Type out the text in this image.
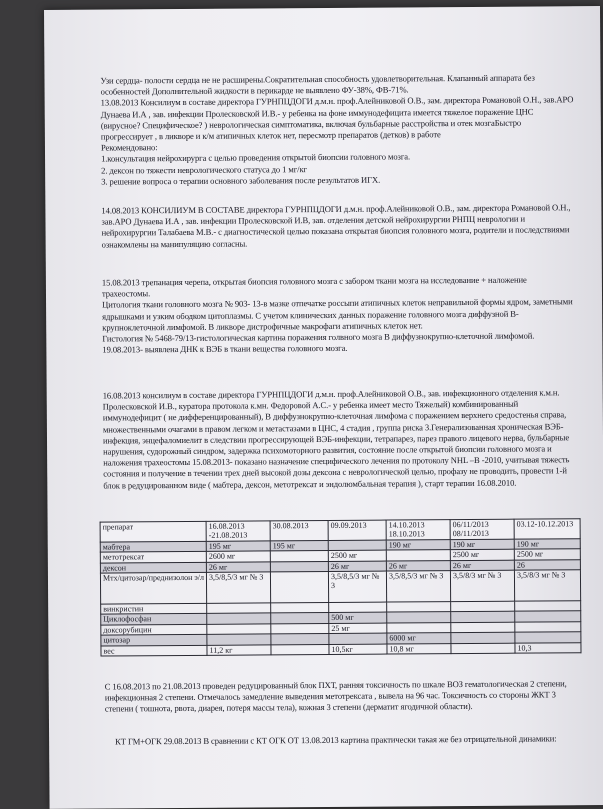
Узи сердца- полости сердца не не расширены.Сократительная способность удовлетворительная. Клапанный аппарата без особенностей Дополнительной жидкости в перикарде не выявлено ФУ-38%, ФВ-71%.
13.08.2013 Консилиум в составе директора ГУРНПЦДОГИ д.м.н. проф.Алейниковой О.В., зам. директора Романовой О.Н., зав.АРО Дунаева И.А , зав. инфекции Пролесковской И.В.- у ребенка на фоне иммунодефицита имеется тяжелое поражение ЦНС (вирусное? Специфическое? ) неврологическая симптоматика, включая бульбарные расстройства и отек мозгаБыстро прогрессирует , в ликворе и к/м атипичных клеток нет, пересмотр препаратов (детков) в работе
Рекомендовано:
1.консультация нейрохирурга с целью проведения открытой биопсии головного мозга.
2. дексон по тяжести неврологического статуса до 1 мг/кг
3. решение вопроса о терапии основного заболевания после результатов ИГХ.

14.08.2013 КОНСИЛИУМ В СОСТАВЕ директора ГУРНПЦДОГИ д.м.н. проф.Алейниковой О.В., зам. директора Романовой О.Н., зав.АРО Дунаева И.А , зав. инфекции Пролесковской И.В, зав. отделения детской нейрохирургии РНПЦ неврологии и нейрохирургии Талабаева М.В.- с диагностической целью показана открытая биопсия головного мозга, родители и последствиями ознакомлены на манипуляцию согласны.

15.08.2013 трепанация черепа, открытая биопсия головного мозга с забором ткани мозга на исследование + наложение трахеостомы.
Цитология ткани головного мозга № 903- 13-в мазке отпечатке россыпи атипичных клеток неправильной формы ядром, заметными ядрышками и узким ободком цитоплазмы. С учетом клинических данных поражение головного мозга диффузной В-крупноклеточной лимфомой. В ликворе дистрофичные макрофаги атипичных клеток нет.
Гистология № 5468-79/13-гистологическая картина поражения голвного мозга В диффузнокрупно-клеточной лимфомой.
19.08.2013- выявлена ДНК к ВЭБ в ткани вещества головного мозга.

16.08.2013 консилиум в составе директора ГУРНПЦДОГИ д.м.н. проф.Алейниковой О.В., зав. инфекционного отделения к.м.н. Пролесковской И.В., куратора протокола к.мн. Федоровой А.С.- у ребенка имеет место Тяжелый) комбинированный иммунодефицит ( не дифференцированный), В диффузнокрупно-клеточная лимфома с поражением верхнего средостенья справа, множественными очагами в правом легком и метастазами в ЦНС, 4 стадия , группа риска 3.Генерализованная хроническая ВЭБ-инфекция, энцефаломиелит в следствии прогрессирующей ВЭБ-инфекции, тетрапарез, парез правого лицевого нерва, бульбарные нарушения, судорожный синдром, задержка психомоторного развития, состояние после открытой биопсии головного мозга и наложения трахеостомы 15.08.2013- показано назначение специфического лечения по протоколу NHL –B -2010, учитывая тяжесть состояния и получение в течении трех дней высокой дозы дексона с неврологической целью, профазу не проводить, провести 1-й блок в редуцированном виде ( мабтера, дексон, метотрексат и эндолюмбальная терапия ), старт терапии 16.08.2010.

препарат	16.08.2013 -21.08.2013	30.08.2013	09.09.2013	14.10.2013 18.10.2013	06/11/2013 08/11/2013	03.12-10.12.2013
мабтера	195 мг	195 мг		190 мг	190 мг	190 мг
метотрексат	2600 мг		2500 мг		2500 мг	2500 мг
дексон	26 мг		26 мг	26 мг	26 мг	26
Мтх/цитозар/преднизолон э/л	3,5/8,5/3 мг № 3		3,5/8,5/3 мг № 3	3,5/8,5/3 мг № 3	3,5/8/3 мг № 3	3,5/8/3 мг № 3
винкристин						
Циклофосфан			500 мг			
доксорубицин			25 мг			
цитозар				6000 мг		
вес	11,2 кг		10,5кг	10,8 мг		10,3

С 16.08.2013 по 21.08.2013 проведен редуцированный блок ПХТ, ранняя токсичность по шкале ВОЗ гематологическая 2 степени, инфекционная 2 степени. Отмечалось замедление выведения метотрексата , вывела на 96 час. Токсичность со стороны ЖКТ 3 степени ( тошнота, рвота, диарея, потеря массы тела), кожная 3 степени (дерматит ягодичной области).

КТ ГМ+ОГК 29.08.2013 В сравнении с КТ ОГК ОТ 13.08.2013 картина практически такая же без отрицательной динамики:
